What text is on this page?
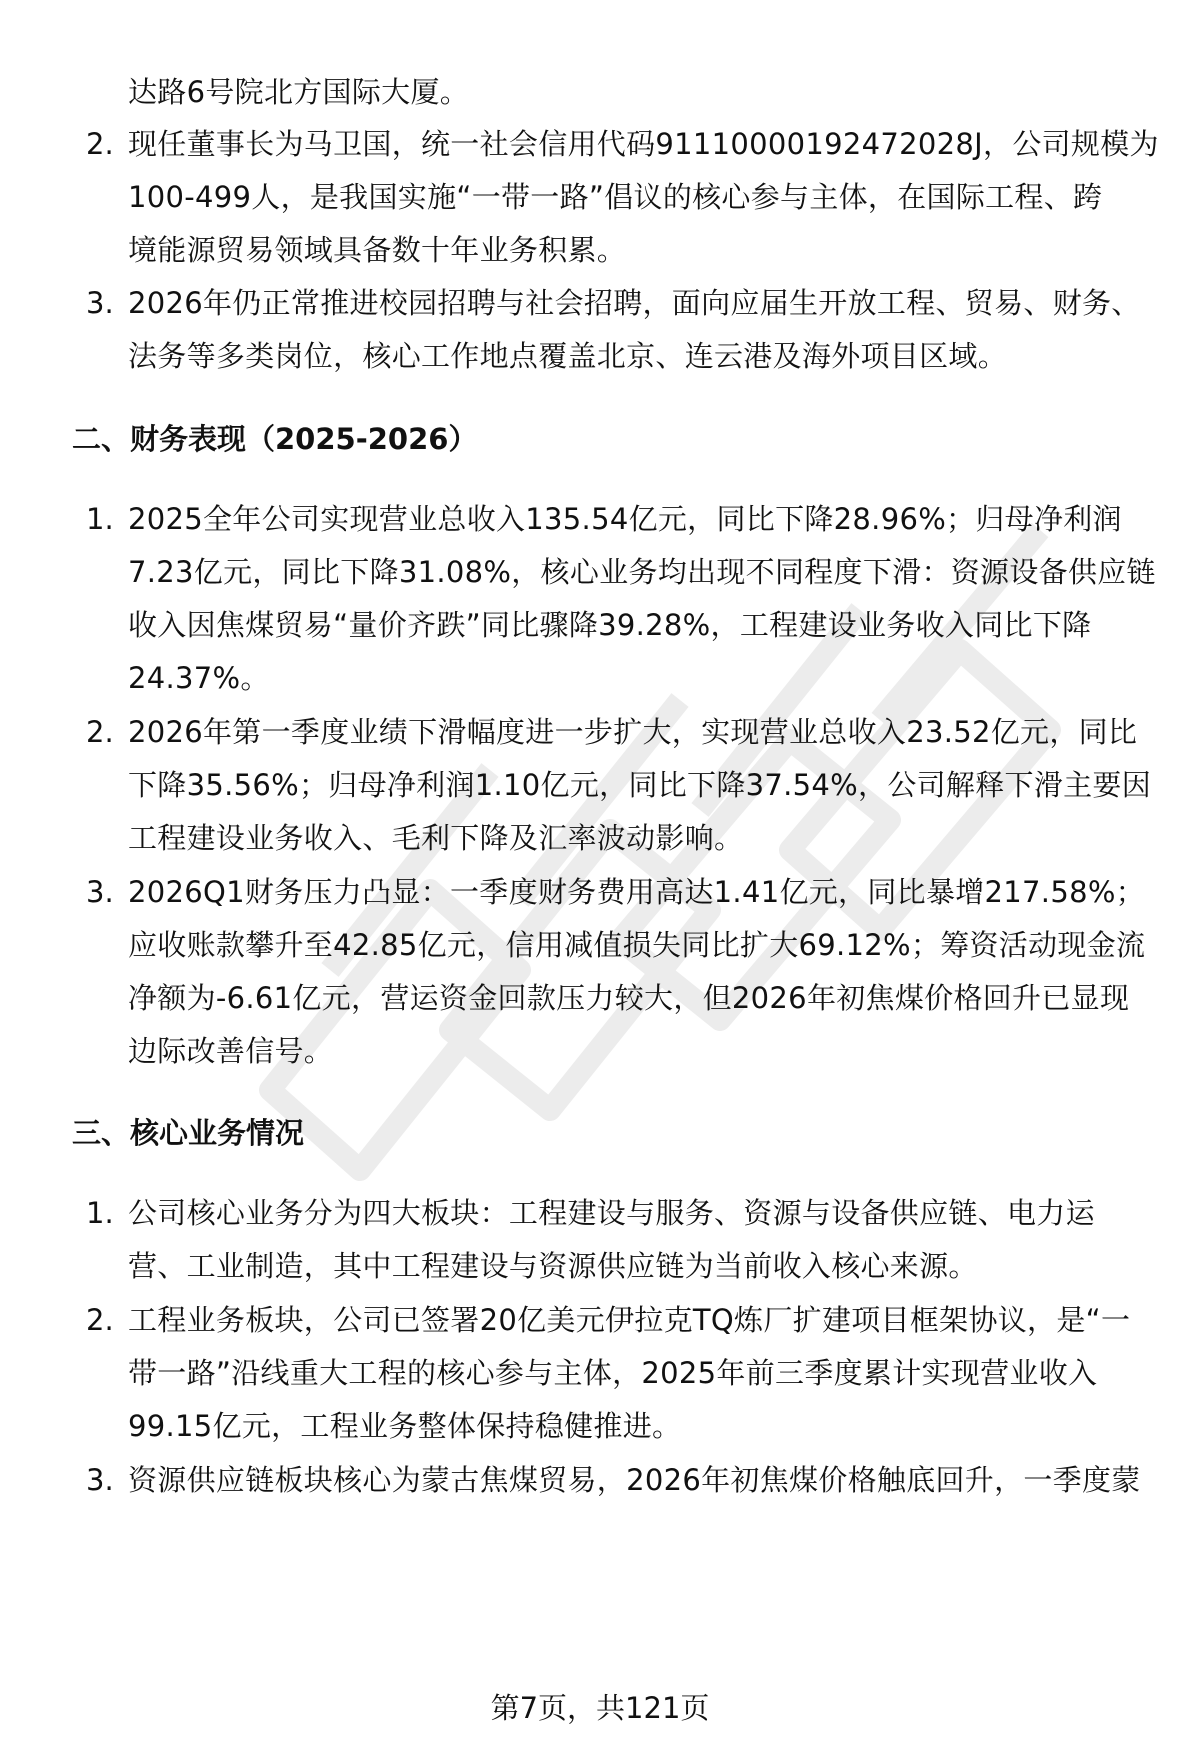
达路6号院北方国际大厦。
2. 现任董事长为马卫国，统一社会信用代码91110000192472028J，公司规模为
100-499人，是我国实施“一带一路”倡议的核心参与主体，在国际工程、跨
境能源贸易领域具备数十年业务积累。
3. 2026年仍正常推进校园招聘与社会招聘，面向应届生开放工程、贸易、财务、
法务等多类岗位，核心工作地点覆盖北京、连云港及海外项目区域。
二、财务表现（2025-2026）
1. 2025全年公司实现营业总收入135.54亿元，同比下降28.96%；归母净利润
7.23亿元，同比下降31.08%，核心业务均出现不同程度下滑：资源设备供应链
收入因焦煤贸易“量价齐跌”同比骤降39.28%，工程建设业务收入同比下降
24.37%。
2. 2026年第一季度业绩下滑幅度进一步扩大，实现营业总收入23.52亿元，同比
下降35.56%；归母净利润1.10亿元，同比下降37.54%，公司解释下滑主要因
工程建设业务收入、毛利下降及汇率波动影响。
3. 2026Q1财务压力凸显：一季度财务费用高达1.41亿元，同比暴增217.58%；
应收账款攀升至42.85亿元，信用减值损失同比扩大69.12%；筹资活动现金流
净额为-6.61亿元，营运资金回款压力较大，但2026年初焦煤价格回升已显现
边际改善信号。
三、核心业务情况
1. 公司核心业务分为四大板块：工程建设与服务、资源与设备供应链、电力运
营、工业制造，其中工程建设与资源供应链为当前收入核心来源。
2. 工程业务板块，公司已签署20亿美元伊拉克TQ炼厂扩建项目框架协议，是“一
带一路”沿线重大工程的核心参与主体，2025年前三季度累计实现营业收入
99.15亿元，工程业务整体保持稳健推进。
3. 资源供应链板块核心为蒙古焦煤贸易，2026年初焦煤价格触底回升，一季度蒙
第7页，共121页
